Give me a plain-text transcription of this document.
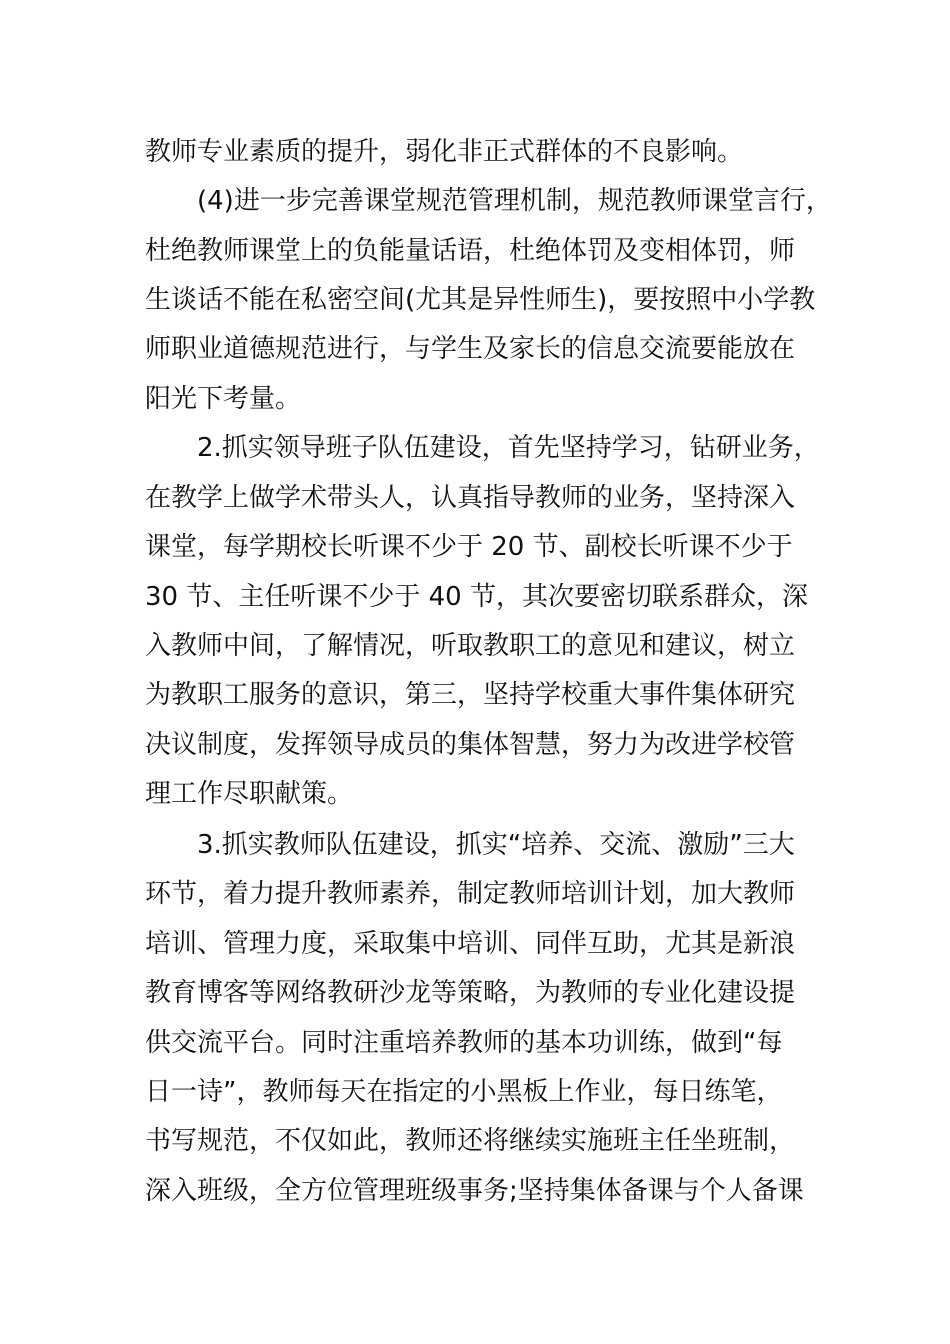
教师专业素质的提升，弱化非正式群体的不良影响。
(4)进一步完善课堂规范管理机制，规范教师课堂言行，
杜绝教师课堂上的负能量话语，杜绝体罚及变相体罚，师
生谈话不能在私密空间(尤其是异性师生)，要按照中小学教
师职业道德规范进行，与学生及家长的信息交流要能放在
阳光下考量。
2.抓实领导班子队伍建设，首先坚持学习，钻研业务，
在教学上做学术带头人，认真指导教师的业务，坚持深入
课堂，每学期校长听课不少于 20 节、副校长听课不少于
30 节、主任听课不少于 40 节，其次要密切联系群众，深
入教师中间，了解情况，听取教职工的意见和建议，树立
为教职工服务的意识，第三，坚持学校重大事件集体研究
决议制度，发挥领导成员的集体智慧，努力为改进学校管
理工作尽职献策。
3.抓实教师队伍建设，抓实“培养、交流、激励”三大
环节，着力提升教师素养，制定教师培训计划，加大教师
培训、管理力度，采取集中培训、同伴互助，尤其是新浪
教育博客等网络教研沙龙等策略，为教师的专业化建设提
供交流平台。同时注重培养教师的基本功训练，做到“每
日一诗”，教师每天在指定的小黑板上作业，每日练笔，
书写规范，不仅如此，教师还将继续实施班主任坐班制，
深入班级，全方位管理班级事务;坚持集体备课与个人备课
